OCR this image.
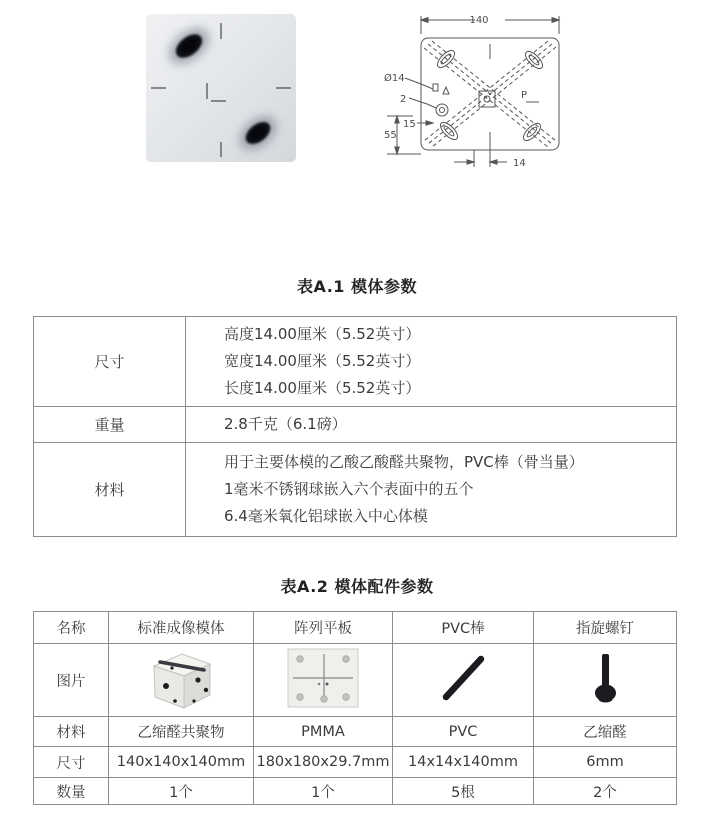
140
Ø14
2
15
55
14
P
表A.1 模体参数
尺寸	高度14.00厘米（5.52英寸）
宽度14.00厘米（5.52英寸）
长度14.00厘米（5.52英寸）

重量	2.8千克（6.1磅）

材料	用于主要体模的乙酸乙酸醛共聚物，PVC棒（骨当量）
1毫米不锈钢球嵌入六个表面中的五个
6.4毫米氧化铝球嵌入中心体模
表A.2 模体配件参数
名称	标准成像模体	阵列平板	PVC棒	指旋螺钉
图片				
材料	乙缩醛共聚物	PMMA	PVC	乙缩醛
尺寸	140x140x140mm	180x180x29.7mm	14x14x140mm	6mm
数量	1个	1个	5根	2个
